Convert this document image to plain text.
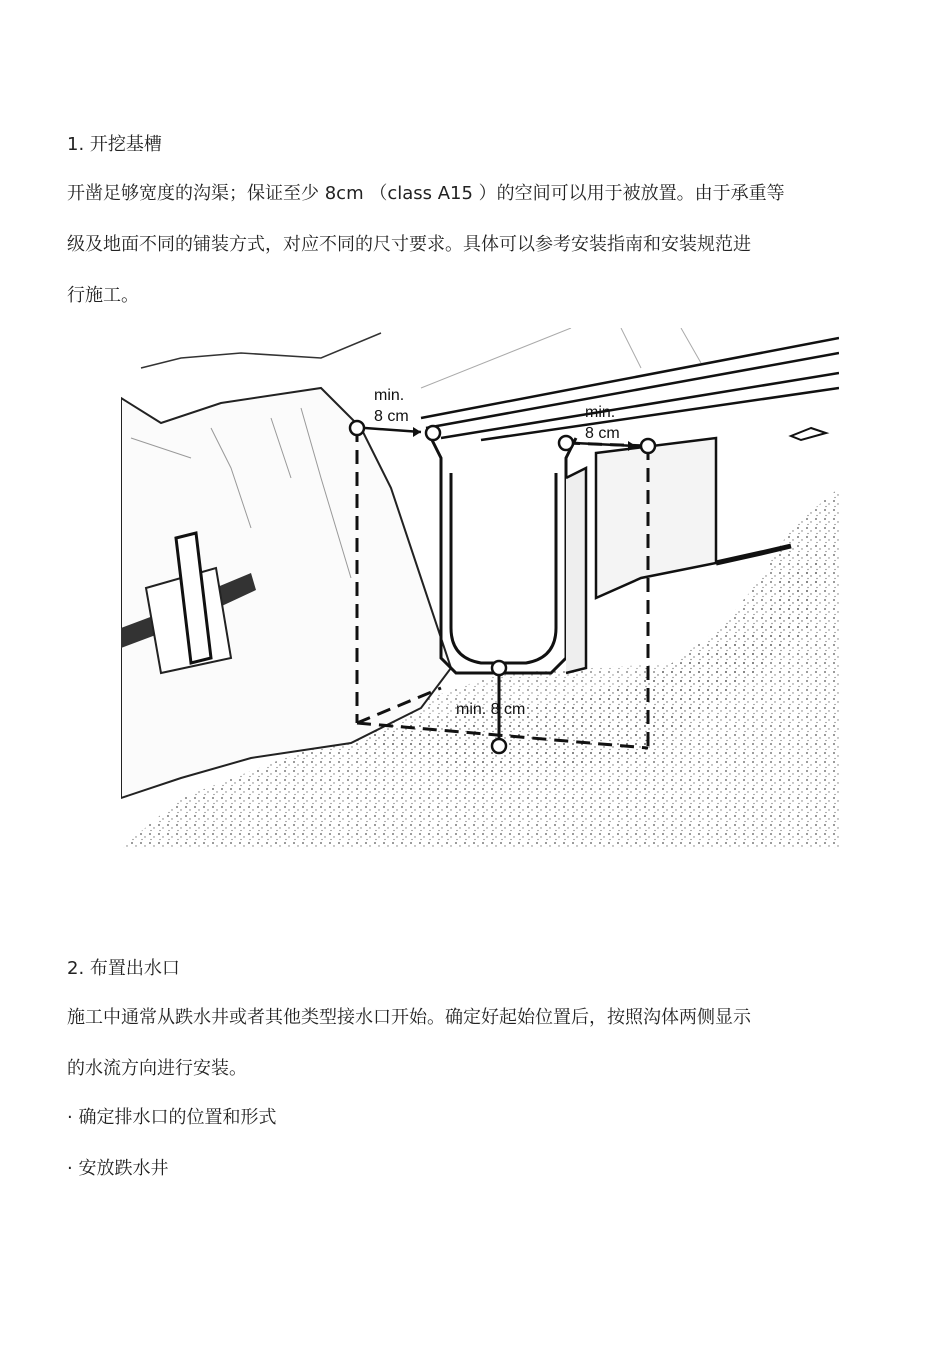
1. 开挖基槽
开凿足够宽度的沟渠；保证至少 8cm （class A15 ）的空间可以用于被放置。由于承重等
级及地面不同的铺装方式，对应不同的尺寸要求。具体可以参考安装指南和安装规范进
行施工。
min.
8 cm	min.
8 cm
min. 8 cm
2. 布置出水口
施工中通常从跌水井或者其他类型接水口开始。确定好起始位置后，按照沟体两侧显示
的水流方向进行安装。
· 确定排水口的位置和形式
· 安放跌水井
